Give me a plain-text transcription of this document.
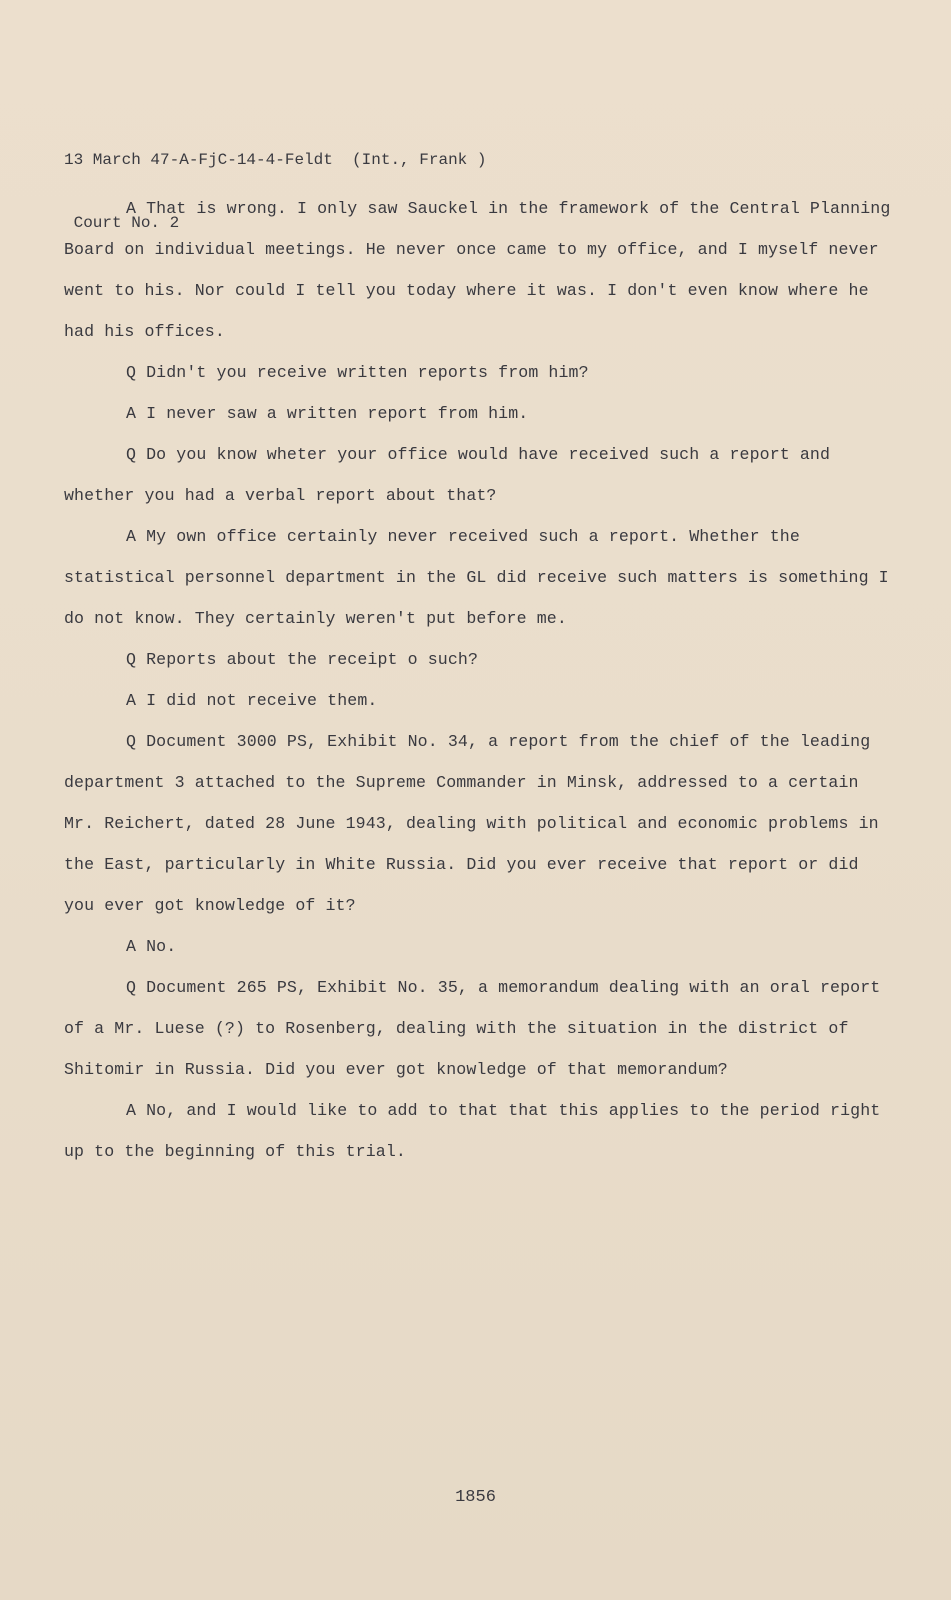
13 March 47-A-FjC-14-4-Feldt  (Int., Frank )

Court No. 2

A That is wrong. I only saw Sauckel in the framework of the Central Planning Board on individual meetings. He never once came to my office, and I myself never went to his. Nor could I tell you today where it was. I don't even know where he had his offices.

Q Didn't you receive written reports from him?

A I never saw a written report from him.

Q Do you know wheter your office would have received such a report and whether you had a verbal report about that?

A My own office certainly never received such a report. Whether the statistical personnel department in the GL did receive such matters is something I do not know. They certainly weren't put before me.

Q Reports about the receipt o such?

A I did not receive them.

Q Document 3000 PS, Exhibit No. 34, a report from the chief of the leading department 3 attached to the Supreme Commander in Minsk, addressed to a certain Mr. Reichert, dated 28 June 1943, dealing with political and economic problems in the East, particularly in White Russia. Did you ever receive that report or did you ever got knowledge of it?

A No.

Q Document 265 PS, Exhibit No. 35, a memorandum dealing with an oral report of a Mr. Luese (?) to Rosenberg, dealing with the situation in the district of Shitomir in Russia. Did you ever got knowledge of that memorandum?

A No, and I would like to add to that that this applies to the period right up to the beginning of this trial.

1856
